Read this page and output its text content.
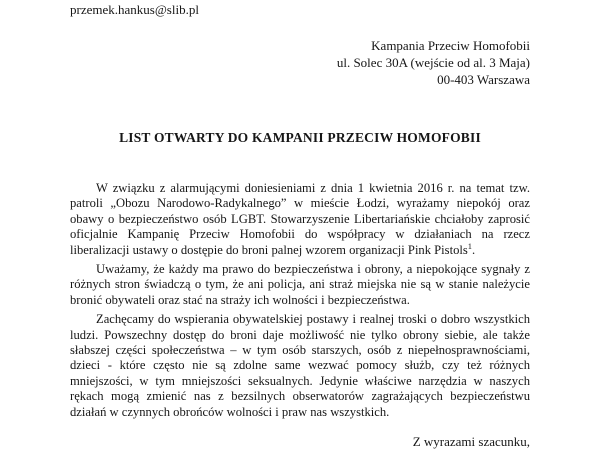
przemek.hankus@slib.pl
Kampania Przeciw Homofobii
ul. Solec 30A (wejście od al. 3 Maja)
00-403 Warszawa
LIST OTWARTY DO KAMPANII PRZECIW HOMOFOBII

W związku z alarmującymi doniesieniami z dnia 1 kwietnia 2016 r. na temat tzw. patroli „Obozu Narodowo-Radykalnego” w mieście Łodzi, wyrażamy niepokój oraz obawy o bezpieczeństwo osób LGBT. Stowarzyszenie Libertariańskie chciałoby zaprosić oficjalnie Kampanię Przeciw Homofobii do współpracy w działaniach na rzecz liberalizacji ustawy o dostępie do broni palnej wzorem organizacji Pink Pistols$^1$.

Uważamy, że każdy ma prawo do bezpieczeństwa i obrony, a niepokojące sygnały z różnych stron świadczą o tym, że ani policja, ani straż miejska nie są w stanie należycie bronić obywateli oraz stać na straży ich wolności i bezpieczeństwa.

Zachęcamy do wspierania obywatelskiej postawy i realnej troski o dobro wszystkich ludzi. Powszechny dostęp do broni daje możliwość nie tylko obrony siebie, ale także słabszej części społeczeństwa – w tym osób starszych, osób z niepełnosprawnościami, dzieci - które często nie są zdolne same wezwać pomocy służb, czy też różnych mniejszości, w tym mniejszości seksualnych. Jedynie właściwe narzędzia w naszych rękach mogą zmienić nas z bezsilnych obserwatorów zagrażających bezpieczeństwu działań w czynnych obrońców wolności i praw nas wszystkich.

Z wyrazami szacunku,
